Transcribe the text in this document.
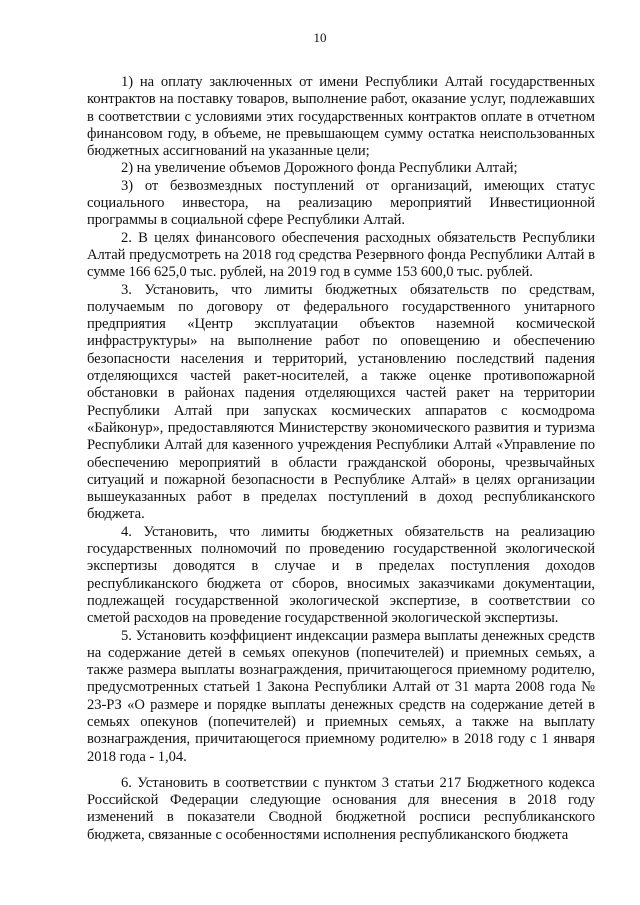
10

1) на оплату заключенных от имени Республики Алтай государственных контрактов на поставку товаров, выполнение работ, оказание услуг, подлежавших в соответствии с условиями этих государственных контрактов оплате в отчетном финансовом году, в объеме, не превышающем сумму остатка неиспользованных бюджетных ассигнований на указанные цели;

2) на увеличение объемов Дорожного фонда Республики Алтай;

3) от безвозмездных поступлений от организаций, имеющих статус социального инвестора, на реализацию мероприятий Инвестиционной программы в социальной сфере Республики Алтай.

2. В целях финансового обеспечения расходных обязательств Республики Алтай предусмотреть на 2018 год средства Резервного фонда Республики Алтай в сумме 166 625,0 тыс. рублей, на 2019 год в сумме 153 600,0 тыс. рублей.

3. Установить, что лимиты бюджетных обязательств по средствам, получаемым по договору от федерального государственного унитарного предприятия «Центр эксплуатации объектов наземной космической инфраструктуры» на выполнение работ по оповещению и обеспечению безопасности населения и территорий, установлению последствий падения отделяющихся частей ракет-носителей, а также оценке противопожарной обстановки в районах падения отделяющихся частей ракет на территории Республики Алтай при запусках космических аппаратов с космодрома «Байконур», предоставляются Министерству экономического развития и туризма Республики Алтай для казенного учреждения Республики Алтай «Управление по обеспечению мероприятий в области гражданской обороны, чрезвычайных ситуаций и пожарной безопасности в Республике Алтай» в целях организации вышеуказанных работ в пределах поступлений в доход республиканского бюджета.

4. Установить, что лимиты бюджетных обязательств на реализацию государственных полномочий по проведению государственной экологической экспертизы доводятся в случае и в пределах поступления доходов республиканского бюджета от сборов, вносимых заказчиками документации, подлежащей государственной экологической экспертизе, в соответствии со сметой расходов на проведение государственной экологической экспертизы.

5. Установить коэффициент индексации размера выплаты денежных средств на содержание детей в семьях опекунов (попечителей) и приемных семьях, а также размера выплаты вознаграждения, причитающегося приемному родителю, предусмотренных статьей 1 Закона Республики Алтай от 31 марта 2008 года № 23-РЗ «О размере и порядке выплаты денежных средств на содержание детей в семьях опекунов (попечителей) и приемных семьях, а также на выплату вознаграждения, причитающегося приемному родителю» в 2018 году с 1 января 2018 года - 1,04.

6. Установить в соответствии с пунктом 3 статьи 217 Бюджетного кодекса Российской Федерации следующие основания для внесения в 2018 году изменений в показатели Сводной бюджетной росписи республиканского бюджета, связанные с особенностями исполнения республиканского бюджета
